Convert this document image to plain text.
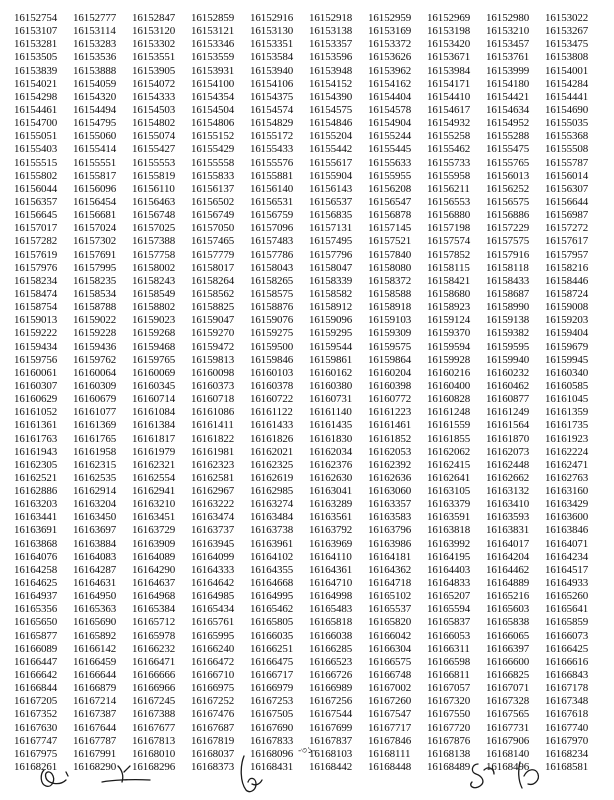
16152754	16152777	16152847	16152859	16152916	16152918	16152959	16152969	16152980	16153022
16153107	16153114	16153120	16153121	16153130	16153138	16153169	16153198	16153210	16153267
16153281	16153283	16153302	16153346	16153351	16153357	16153372	16153420	16153457	16153475
16153505	16153536	16153551	16153559	16153584	16153596	16153626	16153671	16153761	16153808
16153839	16153888	16153905	16153931	16153940	16153948	16153962	16153984	16153999	16154001
16154021	16154059	16154072	16154100	16154106	16154152	16154162	16154171	16154180	16154284
16154298	16154320	16154333	16154354	16154375	16154390	16154404	16154410	16154421	16154441
16154461	16154494	16154503	16154504	16154574	16154575	16154578	16154617	16154634	16154690
16154700	16154795	16154802	16154806	16154829	16154846	16154904	16154932	16154952	16155035
16155051	16155060	16155074	16155152	16155172	16155204	16155244	16155258	16155288	16155368
16155403	16155414	16155427	16155429	16155433	16155442	16155445	16155462	16155475	16155508
16155515	16155551	16155553	16155558	16155576	16155617	16155633	16155733	16155765	16155787
16155802	16155817	16155819	16155833	16155881	16155904	16155955	16155958	16156013	16156014
16156044	16156096	16156110	16156137	16156140	16156143	16156208	16156211	16156252	16156307
16156357	16156454	16156463	16156502	16156531	16156537	16156547	16156553	16156575	16156644
16156645	16156681	16156748	16156749	16156759	16156835	16156878	16156880	16156886	16156987
16157017	16157024	16157025	16157050	16157096	16157131	16157145	16157198	16157229	16157272
16157282	16157302	16157388	16157465	16157483	16157495	16157521	16157574	16157575	16157617
16157619	16157691	16157758	16157779	16157786	16157796	16157840	16157852	16157916	16157957
16157976	16157995	16158002	16158017	16158043	16158047	16158080	16158115	16158118	16158216
16158234	16158235	16158243	16158264	16158265	16158339	16158372	16158421	16158433	16158446
16158474	16158534	16158549	16158562	16158575	16158582	16158588	16158680	16158687	16158724
16158754	16158788	16158802	16158825	16158876	16158912	16158918	16158923	16158990	16159008
16159013	16159022	16159023	16159047	16159076	16159096	16159103	16159124	16159138	16159203
16159222	16159228	16159268	16159270	16159275	16159295	16159309	16159370	16159382	16159404
16159434	16159436	16159468	16159472	16159500	16159544	16159575	16159594	16159595	16159679
16159756	16159762	16159765	16159813	16159846	16159861	16159864	16159928	16159940	16159945
16160061	16160064	16160069	16160098	16160103	16160162	16160204	16160216	16160232	16160340
16160307	16160309	16160345	16160373	16160378	16160380	16160398	16160400	16160462	16160585
16160629	16160679	16160714	16160718	16160722	16160731	16160772	16160828	16160877	16161045
16161052	16161077	16161084	16161086	16161122	16161140	16161223	16161248	16161249	16161359
16161361	16161369	16161384	16161411	16161433	16161435	16161461	16161559	16161564	16161735
16161763	16161765	16161817	16161822	16161826	16161830	16161852	16161855	16161870	16161923
16161943	16161958	16161979	16161981	16162021	16162034	16162053	16162062	16162073	16162224
16162305	16162315	16162321	16162323	16162325	16162376	16162392	16162415	16162448	16162471
16162521	16162535	16162554	16162581	16162619	16162630	16162636	16162641	16162662	16162763
16162886	16162914	16162941	16162967	16162985	16163041	16163060	16163105	16163132	16163160
16163203	16163204	16163210	16163222	16163274	16163289	16163357	16163379	16163410	16163429
16163441	16163450	16163451	16163474	16163484	16163561	16163583	16163591	16163593	16163600
16163691	16163697	16163729	16163737	16163738	16163792	16163796	16163818	16163831	16163846
16163868	16163884	16163909	16163945	16163961	16163969	16163986	16163992	16164017	16164071
16164076	16164083	16164089	16164099	16164102	16164110	16164181	16164195	16164204	16164234
16164258	16164287	16164290	16164333	16164355	16164361	16164362	16164403	16164462	16164517
16164625	16164631	16164637	16164642	16164668	16164710	16164718	16164833	16164889	16164933
16164937	16164950	16164968	16164985	16164995	16164998	16165102	16165207	16165216	16165260
16165356	16165363	16165384	16165434	16165462	16165483	16165537	16165594	16165603	16165641
16165650	16165690	16165712	16165761	16165805	16165818	16165820	16165837	16165838	16165859
16165877	16165892	16165978	16165995	16166035	16166038	16166042	16166053	16166065	16166073
16166089	16166142	16166232	16166240	16166251	16166285	16166304	16166311	16166397	16166425
16166447	16166459	16166471	16166472	16166475	16166523	16166575	16166598	16166600	16166616
16166642	16166644	16166666	16166710	16166717	16166726	16166748	16166811	16166825	16166843
16166844	16166879	16166966	16166975	16166979	16166989	16167002	16167057	16167071	16167178
16167205	16167214	16167245	16167252	16167253	16167256	16167260	16167320	16167328	16167348
16167352	16167387	16167388	16167476	16167505	16167544	16167547	16167550	16167565	16167618
16167630	16167644	16167677	16167687	16167690	16167699	16167717	16167720	16167731	16167740
16167747	16167787	16167813	16167819	16167833	16167837	16167846	16167876	16167906	16167970
16167975	16167991	16168010	16168037	16168096	16168103	16168111	16168138	16168140	16168234
16168261	16168290	16168296	16168373	16168431	16168442	16168448	16168489	16168496	16168581
-৩১-
